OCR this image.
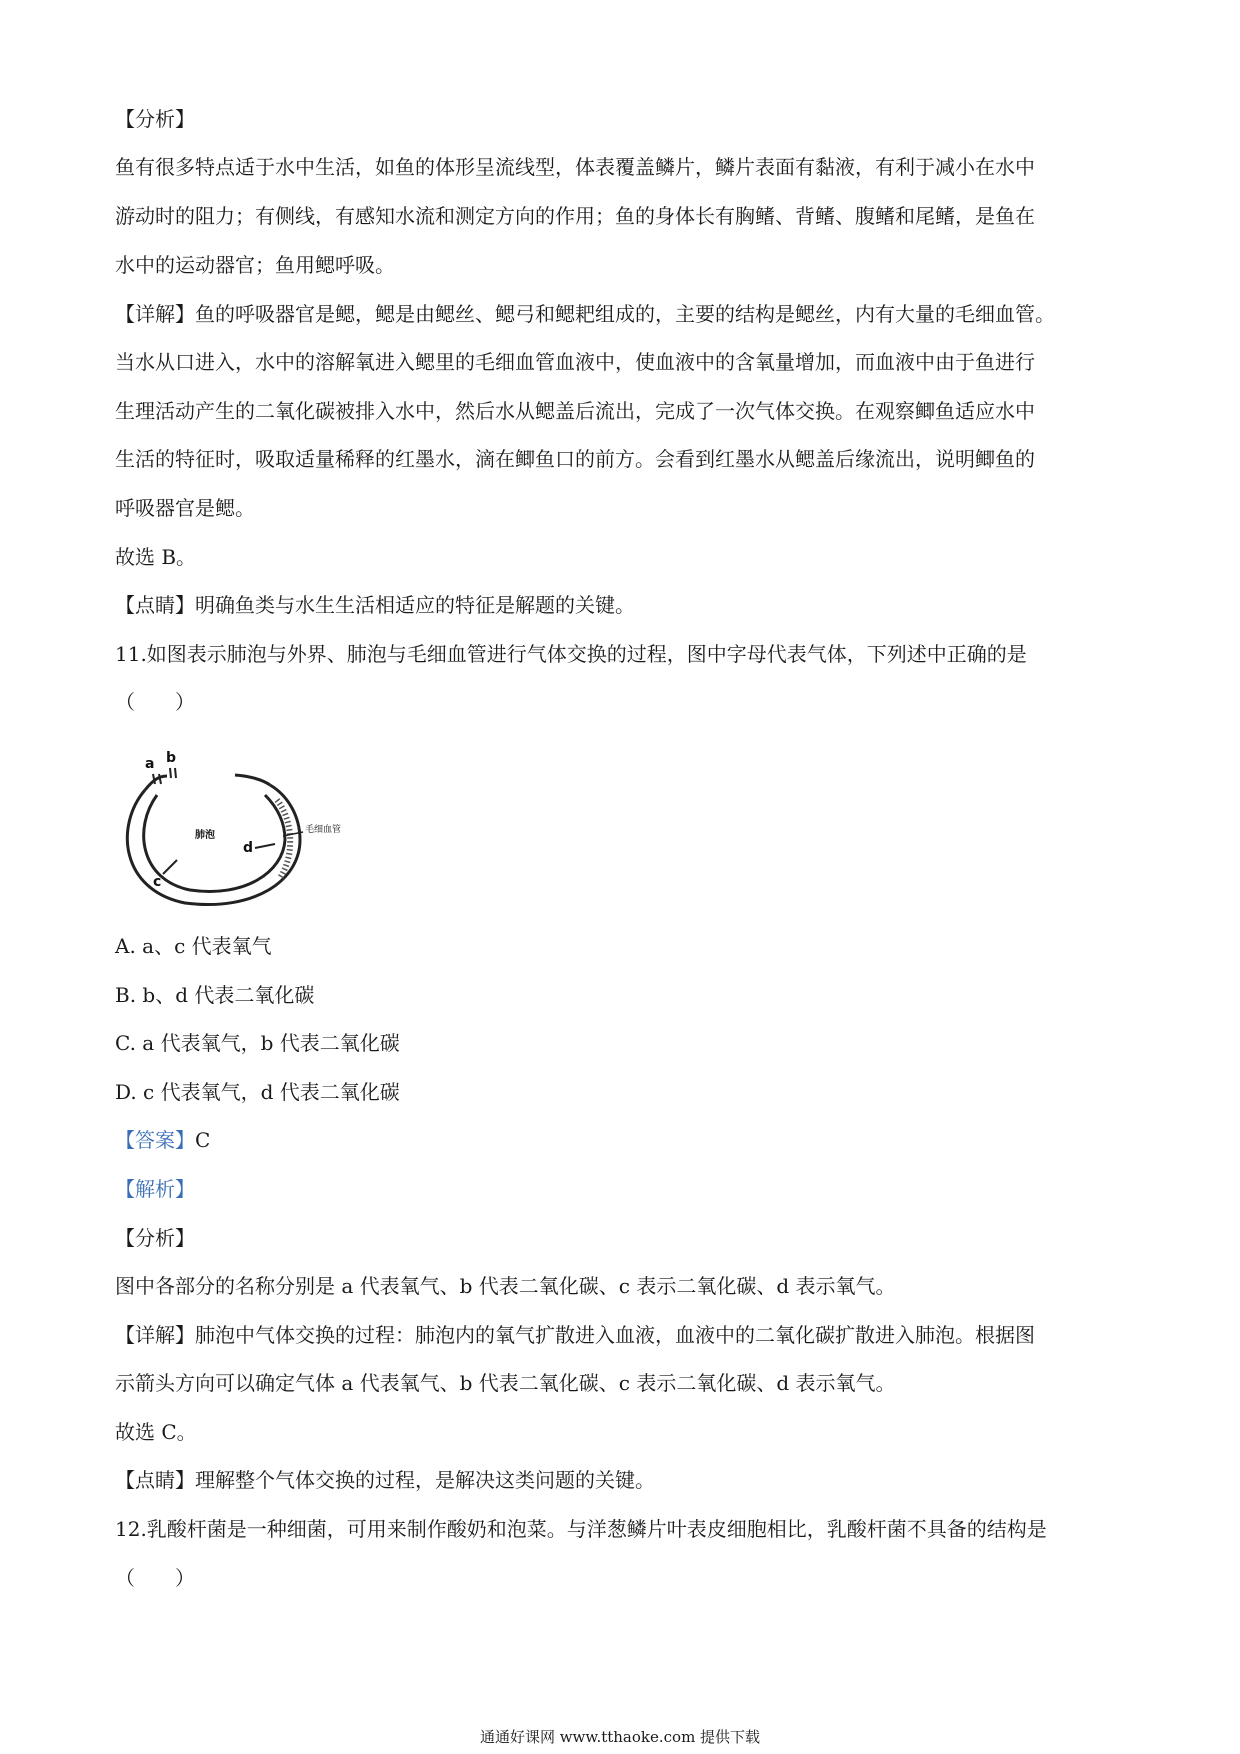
【分析】
鱼有很多特点适于水中生活，如鱼的体形呈流线型，体表覆盖鳞片，鳞片表面有黏液，有利于减小在水中
游动时的阻力；有侧线，有感知水流和测定方向的作用；鱼的身体长有胸鳍、背鳍、腹鳍和尾鳍，是鱼在
水中的运动器官；鱼用鳃呼吸。
【详解】鱼的呼吸器官是鳃，鳃是由鳃丝、鳃弓和鳃耙组成的，主要的结构是鳃丝，内有大量的毛细血管。
当水从口进入，水中的溶解氧进入鳃里的毛细血管血液中，使血液中的含氧量增加，而血液中由于鱼进行
生理活动产生的二氧化碳被排入水中，然后水从鳃盖后流出，完成了一次气体交换。在观察鲫鱼适应水中
生活的特征时，吸取适量稀释的红墨水，滴在鲫鱼口的前方。会看到红墨水从鳃盖后缘流出，说明鲫鱼的
呼吸器官是鳃。
故选 B。
【点睛】明确鱼类与水生生活相适应的特征是解题的关键。
11.如图表示肺泡与外界、肺泡与毛细血管进行气体交换的过程，图中字母代表气体，下列述中正确的是
（　　）
a b
c
d
肺泡	毛细血管
A. a、c 代表氧气
B. b、d 代表二氧化碳
C. a 代表氧气，b 代表二氧化碳
D. c 代表氧气，d 代表二氧化碳
【答案】C
【解析】
【分析】
图中各部分的名称分别是 a 代表氧气、b 代表二氧化碳、c 表示二氧化碳、d 表示氧气。
【详解】肺泡中气体交换的过程：肺泡内的氧气扩散进入血液，血液中的二氧化碳扩散进入肺泡。根据图
示箭头方向可以确定气体 a 代表氧气、b 代表二氧化碳、c 表示二氧化碳、d 表示氧气。
故选 C。
【点睛】理解整个气体交换的过程，是解决这类问题的关键。
12.乳酸杆菌是一种细菌，可用来制作酸奶和泡菜。与洋葱鳞片叶表皮细胞相比，乳酸杆菌不具备的结构是
（　　）
通通好课网 www.tthaoke.com 提供下载
